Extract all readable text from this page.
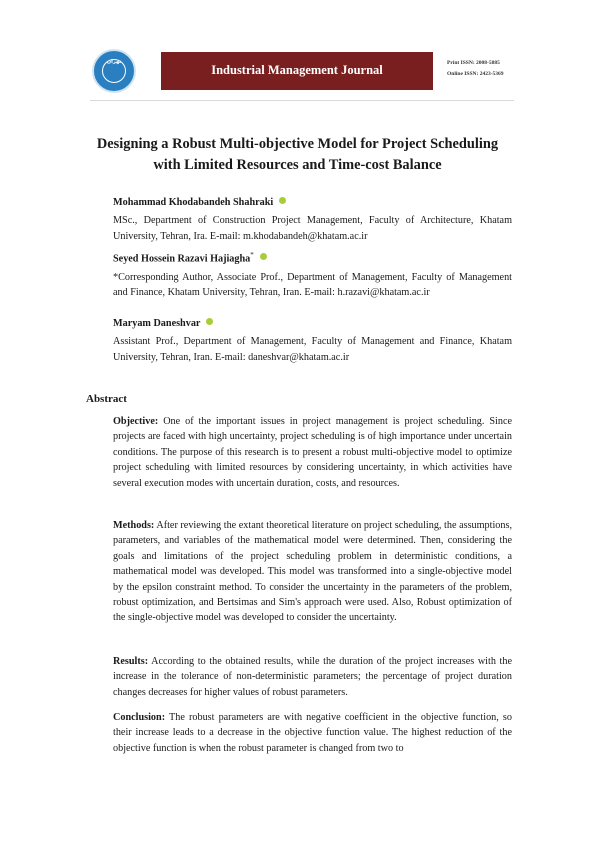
تهران
Industrial Management Journal	Print ISSN: 2008-5885
Online ISSN: 2423-5369
Designing a Robust Multi-objective Model for Project Scheduling
with Limited Resources and Time-cost Balance
Mohammad Khodabandeh Shahraki
MSc., Department of Construction Project Management, Faculty of Architecture, Khatam University, Tehran, Ira. E-mail: m.khodabandeh@khatam.ac.ir
Seyed Hossein Razavi Hajiagha*
*Corresponding Author, Associate Prof., Department of Management, Faculty of Management and Finance, Khatam University, Tehran, Iran. E-mail: h.razavi@khatam.ac.ir
Maryam Daneshvar
Assistant Prof., Department of Management, Faculty of Management and Finance, Khatam University, Tehran, Iran. E-mail: daneshvar@khatam.ac.ir
Abstract
Objective: One of the important issues in project management is project scheduling. Since projects are faced with high uncertainty, project scheduling is of high importance under uncertain conditions. The purpose of this research is to present a robust multi-objective model to optimize project scheduling with limited resources by considering uncertainty, in which activities have several execution modes with uncertain duration, costs, and resources.
Methods: After reviewing the extant theoretical literature on project scheduling, the assumptions, parameters, and variables of the mathematical model were determined. Then, considering the goals and limitations of the project scheduling problem in deterministic conditions, a mathematical model was developed. This model was transformed into a single-objective model by the epsilon constraint method. To consider the uncertainty in the parameters of the problem, robust optimization, and Bertsimas and Sim's approach were used. Also, Robust optimization of the single-objective model was developed to consider the uncertainty.
Results: According to the obtained results, while the duration of the project increases with the increase in the tolerance of non-deterministic parameters; the percentage of project duration changes decreases for higher values of robust parameters.
Conclusion: The robust parameters are with negative coefficient in the objective function, so their increase leads to a decrease in the objective function value. The highest reduction of the objective function is when the robust parameter is changed from two to
